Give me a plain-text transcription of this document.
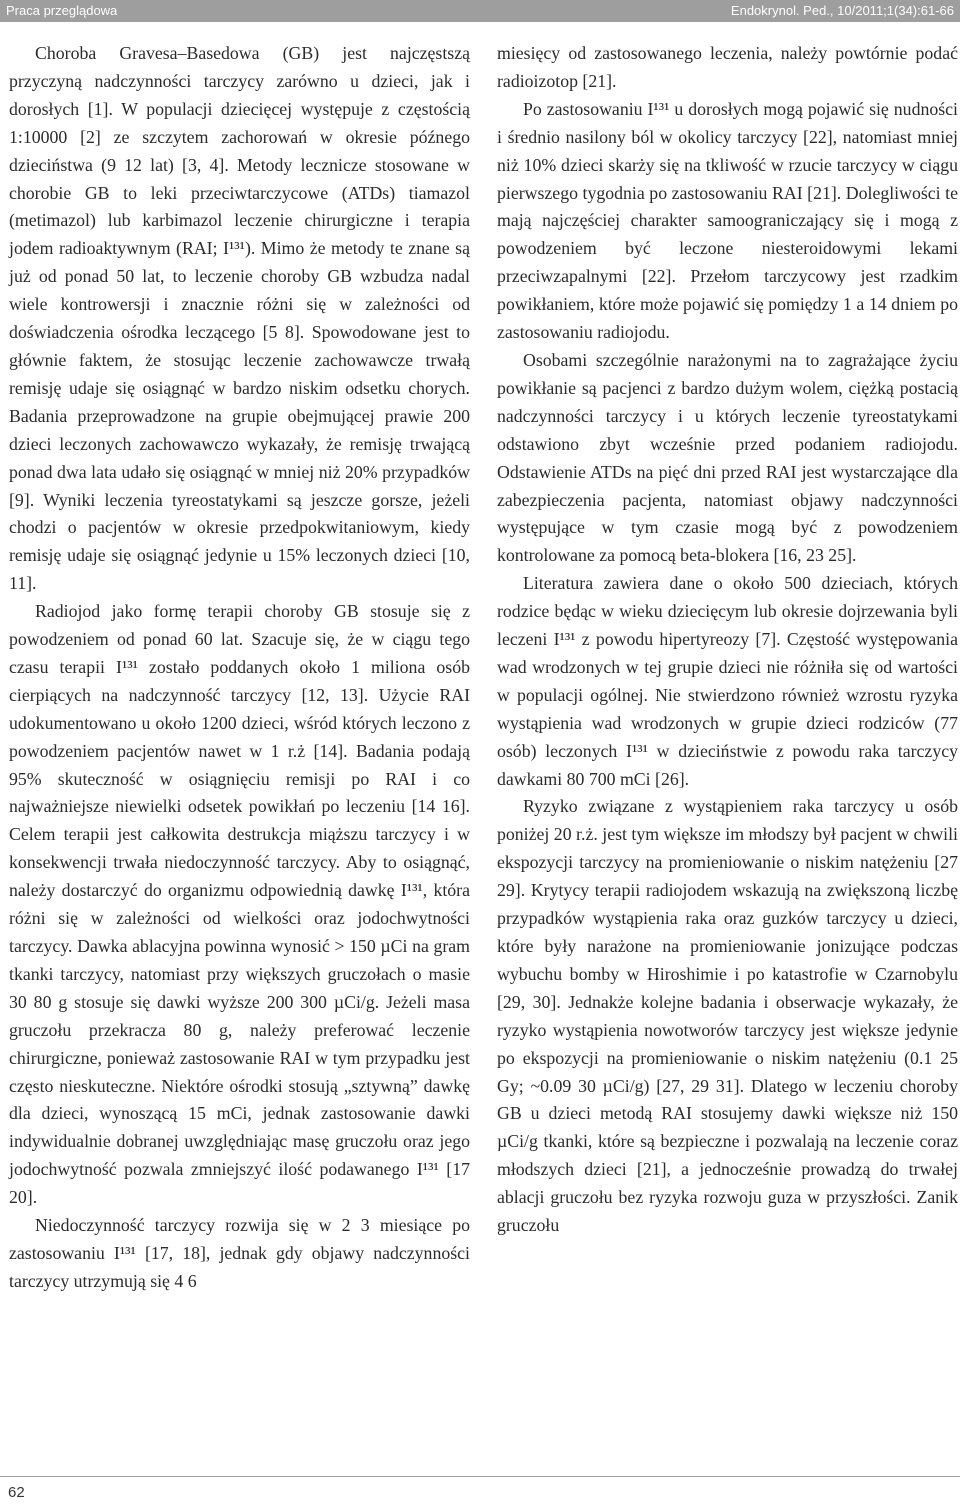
Praca przeglądowa	Endokrynol. Ped., 10/2011;1(34):61-66

Choroba Gravesa–Basedowa (GB) jest najczęstszą przyczyną nadczynności tarczycy zarówno u dzieci, jak i dorosłych [1]. W populacji dziecięcej występuje z częstością 1:10000 [2] ze szczytem zachorowań w okresie późnego dzieciństwa (9 12 lat) [3, 4]. Metody lecznicze stosowane w chorobie GB to leki przeciwtarczycowe (ATDs) tiamazol (metimazol) lub karbimazol leczenie chirurgiczne i terapia jodem radioaktywnym (RAI; I¹³¹). Mimo że metody te znane są już od ponad 50 lat, to leczenie choroby GB wzbudza nadal wiele kontrowersji i znacznie różni się w zależności od doświadczenia ośrodka leczącego [5 8]. Spowodowane jest to głównie faktem, że stosując leczenie zachowawcze trwałą remisję udaje się osiągnąć w bardzo niskim odsetku chorych. Badania przeprowadzone na grupie obejmującej prawie 200 dzieci leczonych zachowawczo wykazały, że remisję trwającą ponad dwa lata udało się osiągnąć w mniej niż 20% przypadków [9]. Wyniki leczenia tyreostatykami są jeszcze gorsze, jeżeli chodzi o pacjentów w okresie przedpokwitaniowym, kiedy remisję udaje się osiągnąć jedynie u 15% leczonych dzieci [10, 11].

Radiojod jako formę terapii choroby GB stosuje się z powodzeniem od ponad 60 lat. Szacuje się, że w ciągu tego czasu terapii I¹³¹ zostało poddanych około 1 miliona osób cierpiących na nadczynność tarczycy [12, 13]. Użycie RAI udokumentowano u około 1200 dzieci, wśród których leczono z powodzeniem pacjentów nawet w 1 r.ż [14]. Badania podają 95% skuteczność w osiągnięciu remisji po RAI i co najważniejsze niewielki odsetek powikłań po leczeniu [14 16]. Celem terapii jest całkowita destrukcja miąższu tarczycy i w konsekwencji trwała niedoczynność tarczycy. Aby to osiągnąć, należy dostarczyć do organizmu odpowiednią dawkę I¹³¹, która różni się w zależności od wielkości oraz jodochwytności tarczycy. Dawka ablacyjna powinna wynosić > 150 µCi na gram tkanki tarczycy, natomiast przy większych gruczołach o masie 30 80 g stosuje się dawki wyższe 200 300 µCi/g. Jeżeli masa gruczołu przekracza 80 g, należy preferować leczenie chirurgiczne, ponieważ zastosowanie RAI w tym przypadku jest często nieskuteczne. Niektóre ośrodki stosują „sztywną” dawkę dla dzieci, wynoszącą 15 mCi, jednak zastosowanie dawki indywidualnie dobranej uwzględniając masę gruczołu oraz jego jodochwytność pozwala zmniejszyć ilość podawanego I¹³¹ [17 20].

Niedoczynność tarczycy rozwija się w 2 3 miesiące po zastosowaniu I¹³¹ [17, 18], jednak gdy objawy nadczynności tarczycy utrzymują się 4 6

miesięcy od zastosowanego leczenia, należy powtórnie podać radioizotop [21].

Po zastosowaniu I¹³¹ u dorosłych mogą pojawić się nudności i średnio nasilony ból w okolicy tarczycy [22], natomiast mniej niż 10% dzieci skarży się na tkliwość w rzucie tarczycy w ciągu pierwszego tygodnia po zastosowaniu RAI [21]. Dolegliwości te mają najczęściej charakter samoograniczający się i mogą z powodzeniem być leczone niesteroidowymi lekami przeciwzapalnymi [22]. Przełom tarczycowy jest rzadkim powikłaniem, które może pojawić się pomiędzy 1 a 14 dniem po zastosowaniu radiojodu.

Osobami szczególnie narażonymi na to zagrażające życiu powikłanie są pacjenci z bardzo dużym wolem, ciężką postacią nadczynności tarczycy i u których leczenie tyreostatykami odstawiono zbyt wcześnie przed podaniem radiojodu. Odstawienie ATDs na pięć dni przed RAI jest wystarczające dla zabezpieczenia pacjenta, natomiast objawy nadczynności występujące w tym czasie mogą być z powodzeniem kontrolowane za pomocą beta-blokera [16, 23 25].

Literatura zawiera dane o około 500 dzieciach, których rodzice będąc w wieku dziecięcym lub okresie dojrzewania byli leczeni I¹³¹ z powodu hipertyreozy [7]. Częstość występowania wad wrodzonych w tej grupie dzieci nie różniła się od wartości w populacji ogólnej. Nie stwierdzono również wzrostu ryzyka wystąpienia wad wrodzonych w grupie dzieci rodziców (77 osób) leczonych I¹³¹ w dzieciństwie z powodu raka tarczycy dawkami 80 700 mCi [26].

Ryzyko związane z wystąpieniem raka tarczycy u osób poniżej 20 r.ż. jest tym większe im młodszy był pacjent w chwili ekspozycji tarczycy na promieniowanie o niskim natężeniu [27 29]. Krytycy terapii radiojodem wskazują na zwiększoną liczbę przypadków wystąpienia raka oraz guzków tarczycy u dzieci, które były narażone na promieniowanie jonizujące podczas wybuchu bomby w Hiroshimie i po katastrofie w Czarnobylu [29, 30]. Jednakże kolejne badania i obserwacje wykazały, że ryzyko wystąpienia nowotworów tarczycy jest większe jedynie po ekspozycji na promieniowanie o niskim natężeniu (0.1 25 Gy; ~0.09 30 µCi/g) [27, 29 31]. Dlatego w leczeniu choroby GB u dzieci metodą RAI stosujemy dawki większe niż 150 µCi/g tkanki, które są bezpieczne i pozwalają na leczenie coraz młodszych dzieci [21], a jednocześnie prowadzą do trwałej ablacji gruczołu bez ryzyka rozwoju guza w przyszłości. Zanik gruczołu

62
